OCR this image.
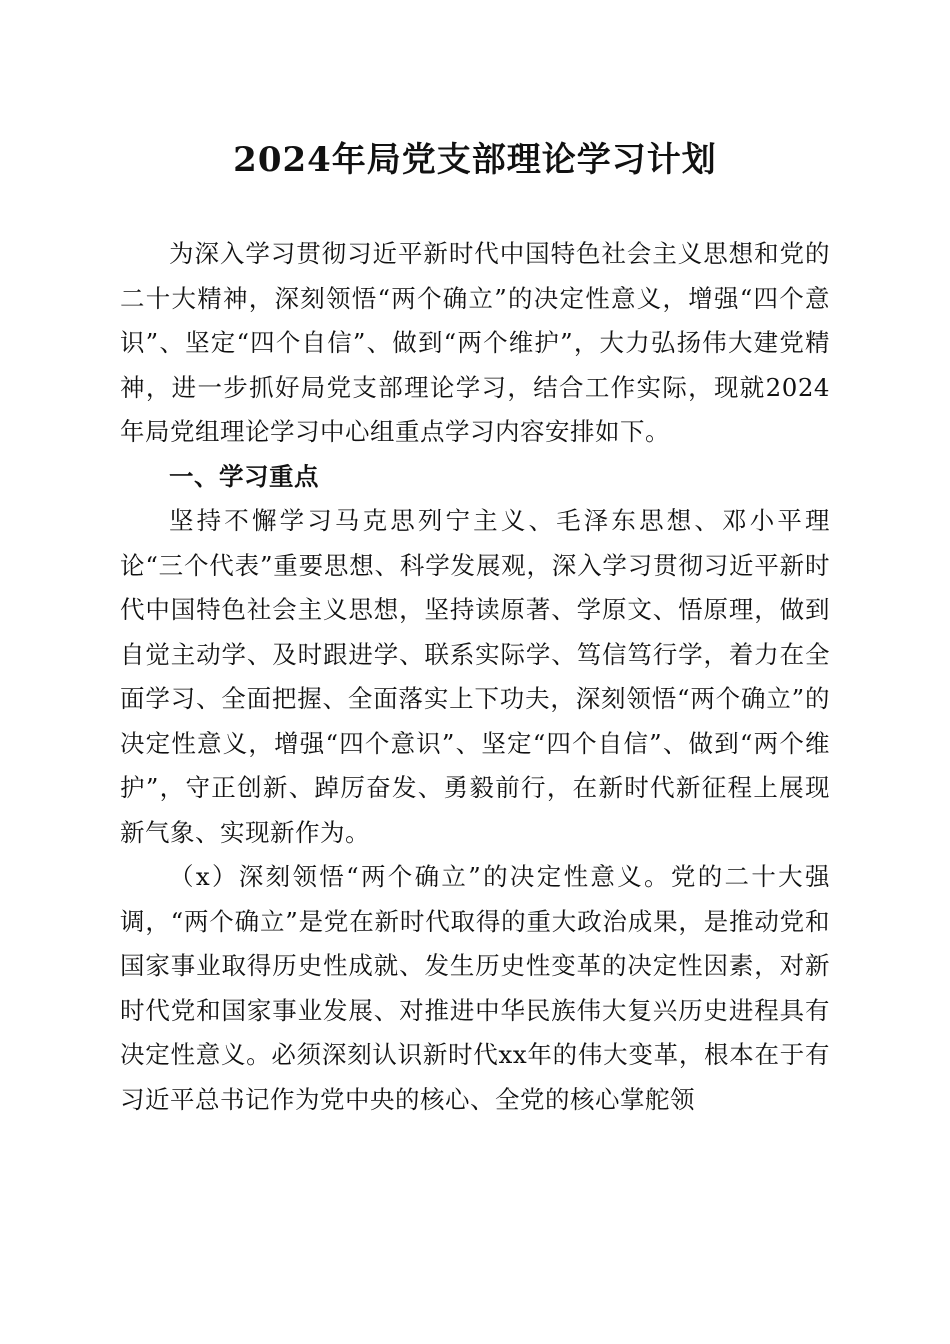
2024年局党支部理论学习计划

为深入学习贯彻习近平新时代中国特色社会主义思想和党的二十大精神，深刻领悟“两个确立”的决定性意义，增强“四个意识”、坚定“四个自信”、做到“两个维护”，大力弘扬伟大建党精神，进一步抓好局党支部理论学习，结合工作实际，现就2024年局党组理论学习中心组重点学习内容安排如下。

一、学习重点

坚持不懈学习马克思列宁主义、毛泽东思想、邓小平理论“三个代表”重要思想、科学发展观，深入学习贯彻习近平新时代中国特色社会主义思想，坚持读原著、学原文、悟原理，做到自觉主动学、及时跟进学、联系实际学、笃信笃行学，着力在全面学习、全面把握、全面落实上下功夫，深刻领悟“两个确立”的决定性意义，增强“四个意识”、坚定“四个自信”、做到“两个维护”，守正创新、踔厉奋发、勇毅前行，在新时代新征程上展现新气象、实现新作为。

（x）深刻领悟“两个确立”的决定性意义。党的二十大强调，“两个确立”是党在新时代取得的重大政治成果，是推动党和国家事业取得历史性成就、发生历史性变革的决定性因素，对新时代党和国家事业发展、对推进中华民族伟大复兴历史进程具有决定性意义。必须深刻认识新时代xx年的伟大变革，根本在于有习近平总书记作为党中央的核心、全党的核心掌舵领
